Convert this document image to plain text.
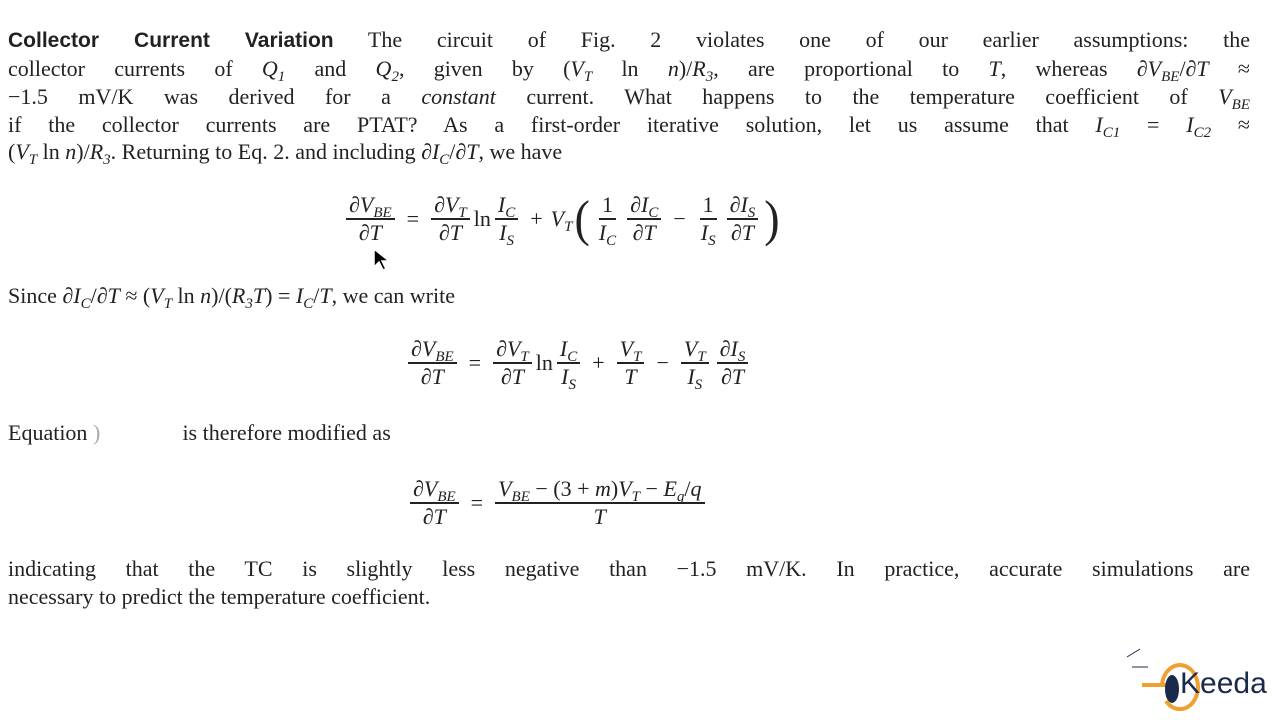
Collector Current Variation The circuit of Fig. 2 violates one of our earlier assumptions: the
collector currents of $Q_1$ and $Q_2$, given by ($V_T$ $\ln n)/R_3$, are proportional to T, whereas $\partial V_{BE}/\partial T$ ≈
−1.5 mV/K was derived for a constant current. What happens to the temperature coefficient of $V_{BE}$
if the collector currents are PTAT? As a first-order iterative solution, let us assume that $I_{C1} = I_{C2}$ ≈
($V_T$ $\ln n)/R_3$. Returning to Eq. 2. and including $\partial I_C/\partial T$, we have
$\frac{\partial V_{BE}}{\partial T} = \frac{\partial V_T}{\partial T}$ $\ln \frac{I_C}{I_S} + V_T$ ( $\frac{1}{I_C} \frac{\partial I_C}{\partial T} - \frac{1}{I_S} \frac{\partial I_S}{\partial T}$ )
Since $\partial I_C/\partial T \approx (V_T$ $\ln n)/(R_3T) = I_C/T$, we can write
$\frac{\partial V_{BE}}{\partial T} = \frac{\partial V_T}{\partial T}$ $\ln \frac{I_C}{I_S} + \frac{V_T}{T} - \frac{V_T}{I_S} \frac{\partial I_S}{\partial T}$
Equation )	is therefore modified as
$\frac{\partial V_{BE}}{\partial T} = \frac{V_{BE} - (3 + m)V_T - E_g/q}{T}$
indicating that the TC is slightly less negative than −1.5 mV/K. In practice, accurate simulations are
necessary to predict the temperature coefficient.
Keeda
